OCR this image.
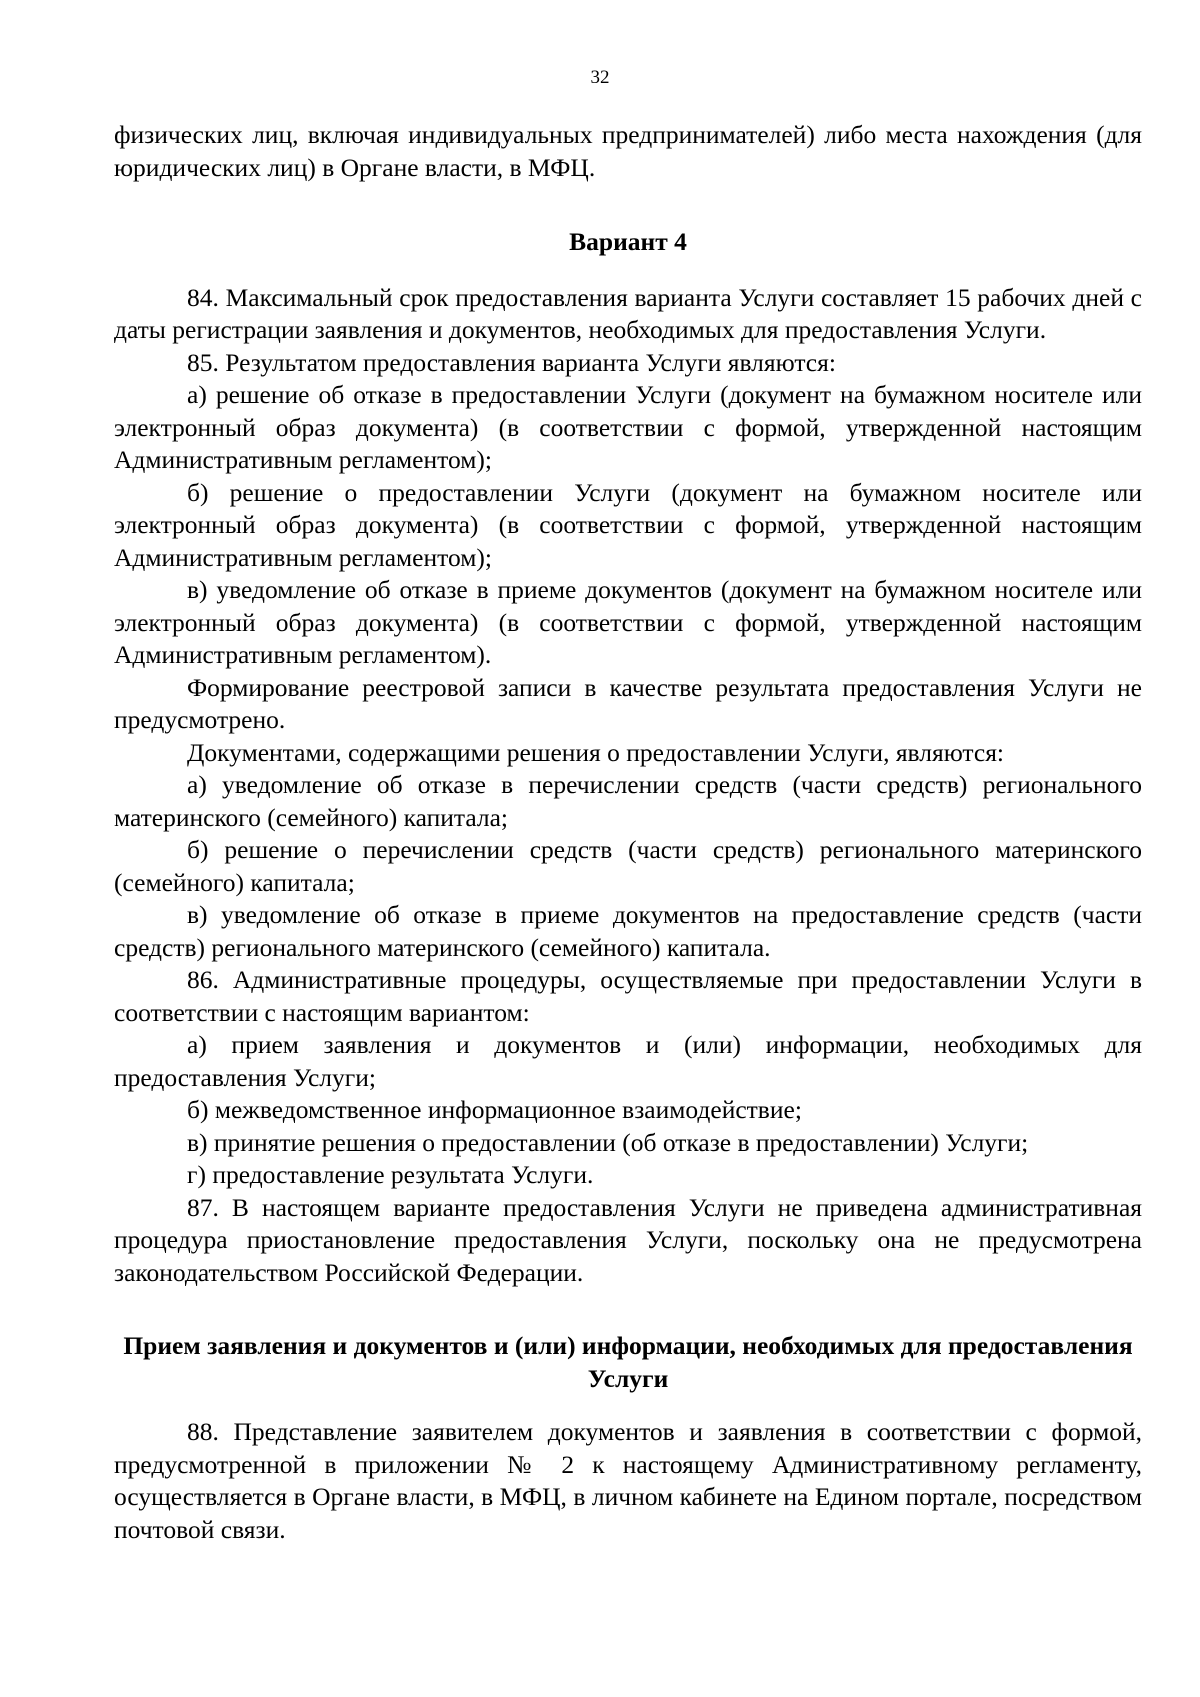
32

физических лиц, включая индивидуальных предпринимателей) либо места нахождения (для юридических лиц) в Органе власти, в МФЦ.

Вариант 4

84. Максимальный срок предоставления варианта Услуги составляет 15 рабочих дней с даты регистрации заявления и документов, необходимых для предоставления Услуги.

85. Результатом предоставления варианта Услуги являются:

а) решение об отказе в предоставлении Услуги (документ на бумажном носителе или электронный образ документа) (в соответствии с формой, утвержденной настоящим Административным регламентом);

б) решение о предоставлении Услуги (документ на бумажном носителе или электронный образ документа) (в соответствии с формой, утвержденной настоящим Административным регламентом);

в) уведомление об отказе в приеме документов (документ на бумажном носителе или электронный образ документа) (в соответствии с формой, утвержденной настоящим Административным регламентом).

Формирование реестровой записи в качестве результата предоставления Услуги не предусмотрено.

Документами, содержащими решения о предоставлении Услуги, являются:

а) уведомление об отказе в перечислении средств (части средств) регионального материнского (семейного) капитала;

б) решение о перечислении средств (части средств) регионального материнского (семейного) капитала;

в) уведомление об отказе в приеме документов на предоставление средств (части средств) регионального материнского (семейного) капитала.

86. Административные процедуры, осуществляемые при предоставлении Услуги в соответствии с настоящим вариантом:

а) прием заявления и документов и (или) информации, необходимых для предоставления Услуги;

б) межведомственное информационное взаимодействие;

в) принятие решения о предоставлении (об отказе в предоставлении) Услуги;

г) предоставление результата Услуги.

87. В настоящем варианте предоставления Услуги не приведена административная процедура приостановление предоставления Услуги, поскольку она не предусмотрена законодательством Российской Федерации.

Прием заявления и документов и (или) информации, необходимых для предоставления Услуги

88. Представление заявителем документов и заявления в соответствии с формой, предусмотренной в приложении № 2 к настоящему Административному регламенту, осуществляется в Органе власти, в МФЦ, в личном кабинете на Едином портале, посредством почтовой связи.
